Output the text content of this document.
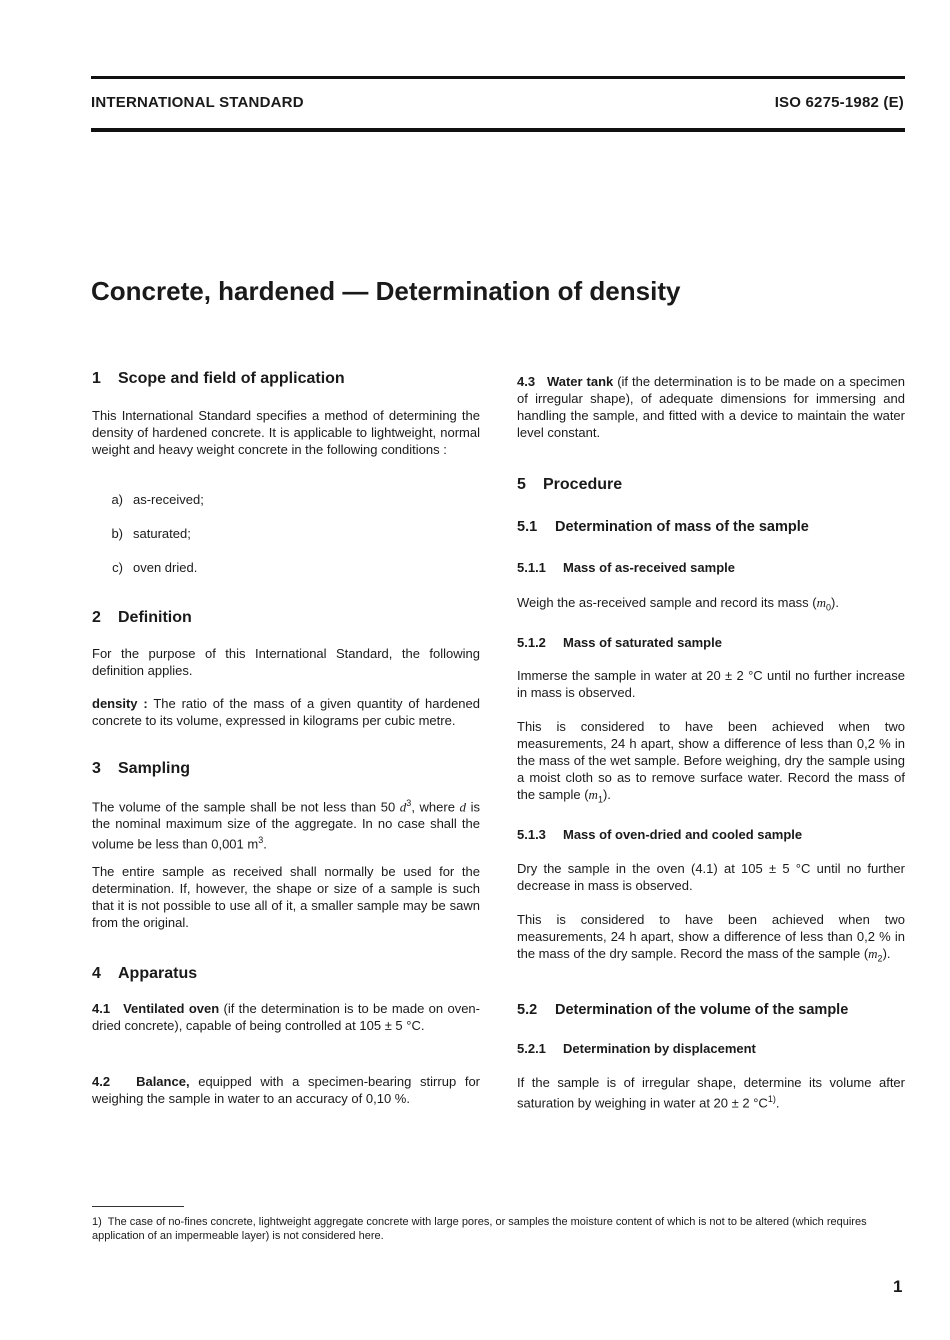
INTERNATIONAL STANDARD	ISO 6275-1982 (E)
Concrete, hardened — Determination of density
1 Scope and field of application

This International Standard specifies a method of determining the density of hardened concrete. It is applicable to lightweight, normal weight and heavy weight concrete in the following conditions :

a) as-received;
b) saturated;
c) oven dried.
2 Definition

For the purpose of this International Standard, the following definition applies.

density : The ratio of the mass of a given quantity of hardened concrete to its volume, expressed in kilograms per cubic metre.

3 Sampling

The volume of the sample shall be not less than 50 $d^3$, where d is the nominal maximum size of the aggregate. In no case shall the volume be less than 0,001 $m^3$.

The entire sample as received shall normally be used for the determination. If, however, the shape or size of a sample is such that it is not possible to use all of it, a smaller sample may be sawn from the original.

4 Apparatus

4.1 Ventilated oven (if the determination is to be made on oven-dried concrete), capable of being controlled at 105 ± 5 °C.

4.2 Balance, equipped with a specimen-bearing stirrup for weighing the sample in water to an accuracy of 0,10 %.

4.3 Water tank (if the determination is to be made on a specimen of irregular shape), of adequate dimensions for immersing and handling the sample, and fitted with a device to maintain the water level constant.

5 Procedure
5.1 Determination of mass of the sample
5.1.1 Mass of as-received sample

Weigh the as-received sample and record its mass $(m_0)$.

5.1.2 Mass of saturated sample

Immerse the sample in water at 20 ± 2 °C until no further increase in mass is observed.

This is considered to have been achieved when two measurements, 24 h apart, show a difference of less than 0,2 % in the mass of the wet sample. Before weighing, dry the sample using a moist cloth so as to remove surface water. Record the mass of the sample $(m_1)$.

5.1.3 Mass of oven-dried and cooled sample

Dry the sample in the oven (4.1) at 105 ± 5 °C until no further decrease in mass is observed.

This is considered to have been achieved when two measurements, 24 h apart, show a difference of less than 0,2 % in the mass of the dry sample. Record the mass of the sample $(m_2)$.

5.2 Determination of the volume of the sample
5.2.1 Determination by displacement

If the sample is of irregular shape, determine its volume after saturation by weighing in water at 20 ± 2 $^\circ C^{1)}$.

1) The case of no-fines concrete, lightweight aggregate concrete with large pores, or samples the moisture content of which is not to be altered (which requires application of an impermeable layer) is not considered here.
1
